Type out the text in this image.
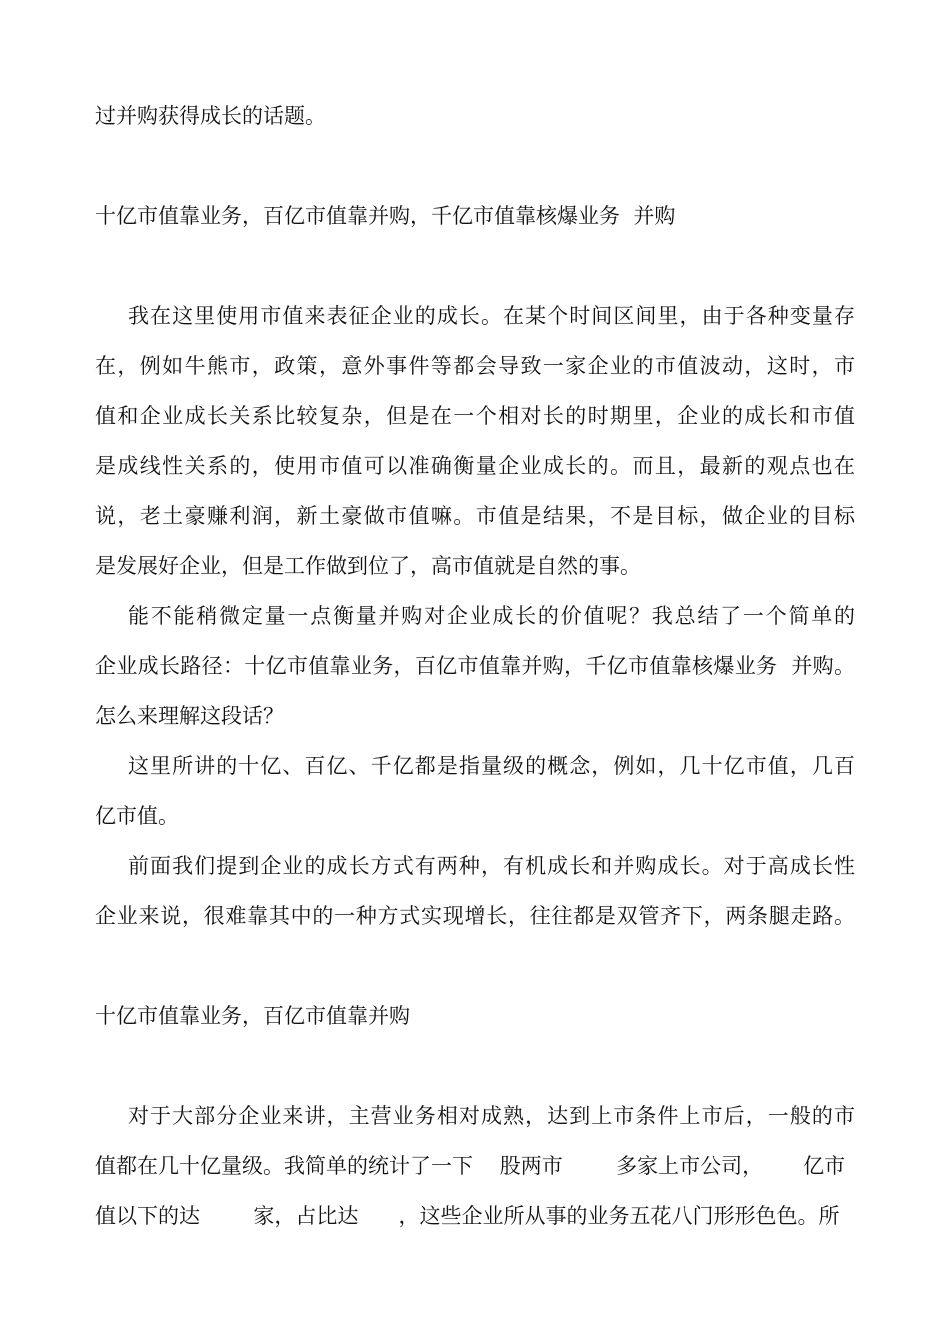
过并购获得成长的话题。
十亿市值靠业务，百亿市值靠并购，千亿市值靠核爆业务  并购
我在这里使用市值来表征企业的成长。在某个时间区间里，由于各种变量存
在，例如牛熊市，政策，意外事件等都会导致一家企业的市值波动，这时，市
值和企业成长关系比较复杂，但是在一个相对长的时期里，企业的成长和市值
是成线性关系的，使用市值可以准确衡量企业成长的。而且，最新的观点也在
说，老土豪赚利润，新土豪做市值嘛。市值是结果，不是目标，做企业的目标
是发展好企业，但是工作做到位了，高市值就是自然的事。
能不能稍微定量一点衡量并购对企业成长的价值呢？我总结了一个简单的
企业成长路径：十亿市值靠业务，百亿市值靠并购，千亿市值靠核爆业务  并购。
怎么来理解这段话？
这里所讲的十亿、百亿、千亿都是指量级的概念，例如，几十亿市值，几百
亿市值。
前面我们提到企业的成长方式有两种，有机成长和并购成长。对于高成长性
企业来说，很难靠其中的一种方式实现增长，往往都是双管齐下，两条腿走路。
十亿市值靠业务，百亿市值靠并购
对于大部分企业来讲，主营业务相对成熟，达到上市条件上市后，一般的市
值都在几十亿量级。我简单的统计了一下    股两市        多家上市公司，      亿市
值以下的达        家，占比达      ，这些企业所从事的业务五花八门形形色色。所
